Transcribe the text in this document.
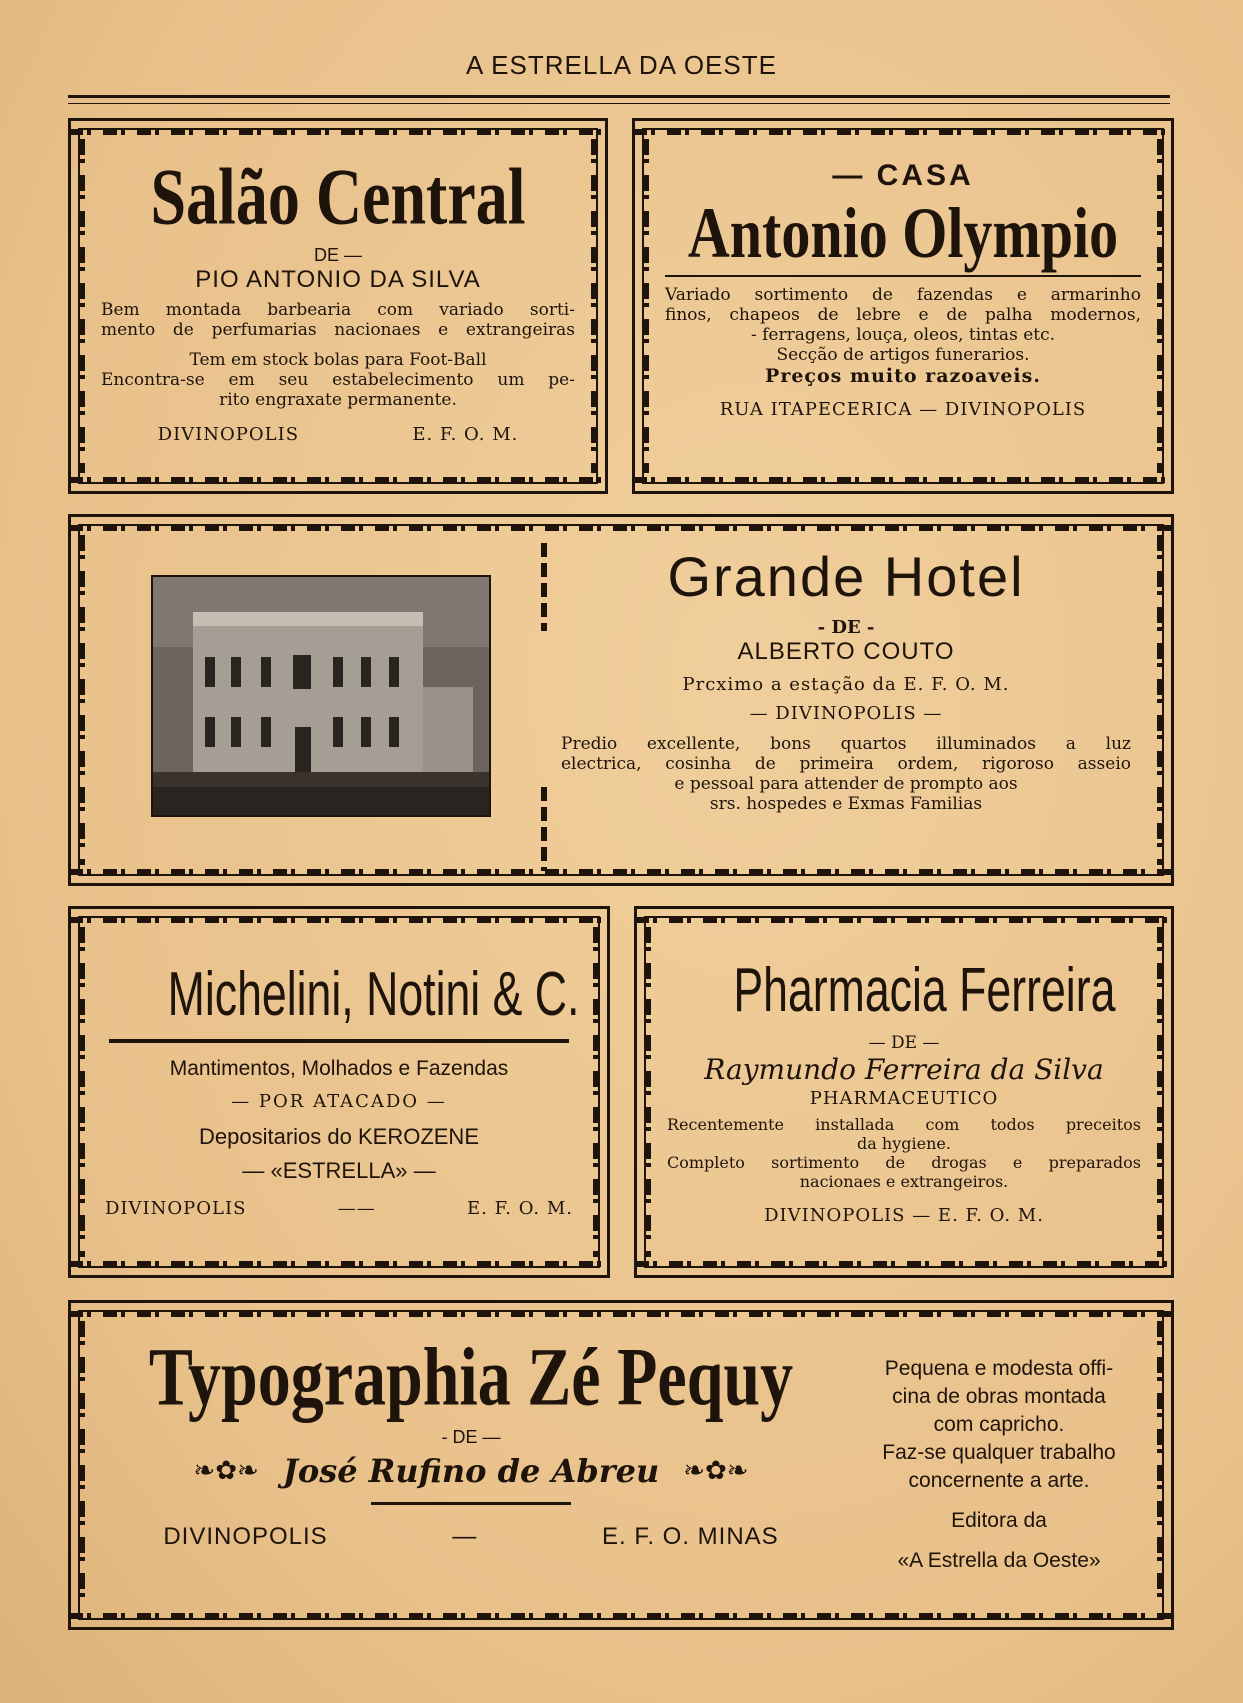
A ESTRELLA DA OESTE
Salão Central
DE —
PIO ANTONIO DA SILVA
Bem montada barbearia com variado sorti-
mento de perfumarias nacionaes e extrangeiras
Tem em stock bolas para Foot-Ball
Encontra-se em seu estabelecimento um pe-
rito engraxate permanente.
DIVINOPOLIS	E. F. O. M.
— CASA
Antonio Olympio
Variado sortimento de fazendas e armarinho
finos, chapeos de lebre e de palha modernos,
- ferragens, louça, oleos, tintas etc.
Secção de artigos funerarios.
Preços muito razoaveis.
RUA ITAPECERICA — DIVINOPOLIS
Grande Hotel
- DE -
ALBERTO COUTO
Prcximo a estação da E. F. O. M.
— DIVINOPOLIS —
Predio excellente, bons quartos illuminados a luz
electrica, cosinha de primeira ordem, rigoroso asseio
e pessoal para attender de prompto aos
srs. hospedes e Exmas Familias
Michelini, Notini & C.
Mantimentos, Molhados e Fazendas
— POR ATACADO —
Depositarios do KEROZENE
— «ESTRELLA» —
DIVINOPOLIS	——	E. F. O. M.
Pharmacia Ferreira
— DE —
Raymundo Ferreira da Silva
PHARMACEUTICO
Recentemente installada com todos preceitos
da hygiene.
Completo sortimento de drogas e preparados
nacionaes e extrangeiros.
DIVINOPOLIS — E. F. O. M.
Typographia Zé Pequy
- DE —
❧✿❧ José Rufino de Abreu ❧✿❧
DIVINOPOLIS	—	E. F. O. MINAS
Pequena e modesta offi-
cina de obras montada
com capricho.
Faz-se qualquer trabalho
concernente a arte.
Editora da
«A Estrella da Oeste»
